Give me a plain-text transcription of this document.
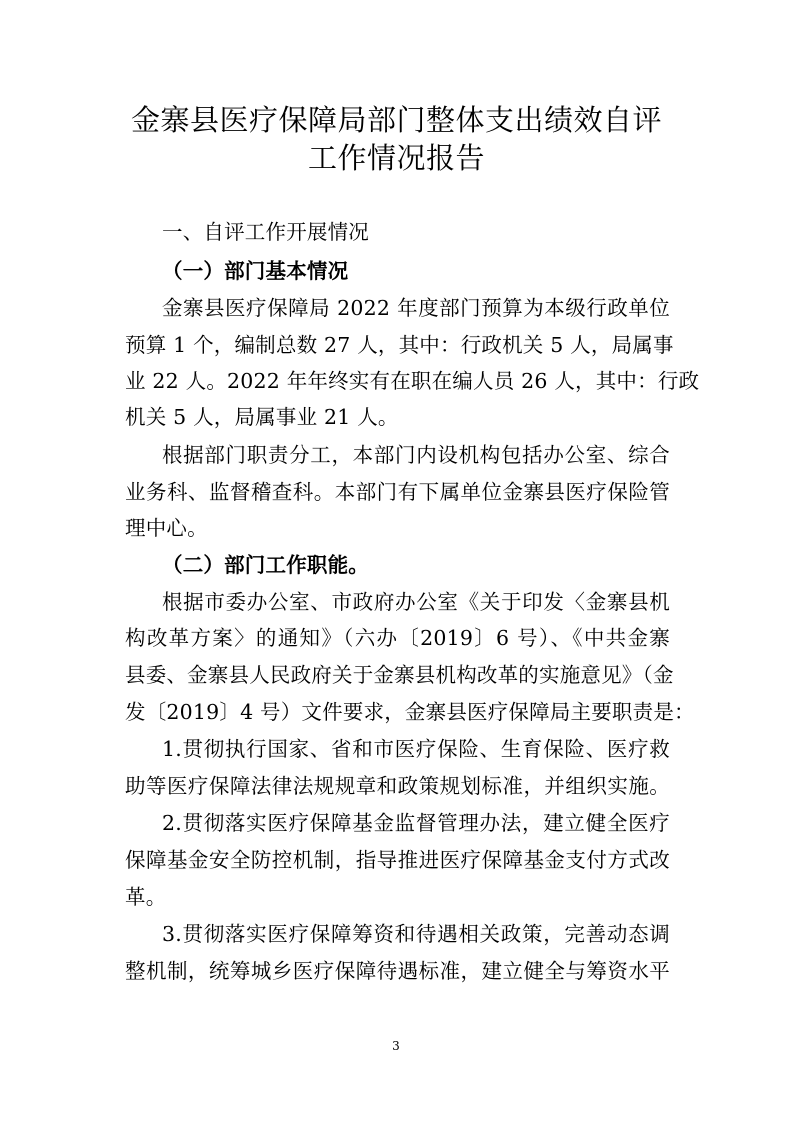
金寨县医疗保障局部门整体支出绩效自评
工作情况报告
一、自评工作开展情况
（一）部门基本情况
金寨县医疗保障局 2022 年度部门预算为本级行政单位
预算 1 个，编制总数 27 人，其中：行政机关 5 人，局属事
业 22 人。2022 年年终实有在职在编人员 26 人，其中：行政
机关 5 人，局属事业 21 人。
根据部门职责分工，本部门内设机构包括办公室、综合
业务科、监督稽查科。本部门有下属单位金寨县医疗保险管
理中心。
（二）部门工作职能。
根据市委办公室、市政府办公室《关于印发〈金寨县机
构改革方案〉的通知》（六办〔2019〕6 号）、《中共金寨
县委、金寨县人民政府关于金寨县机构改革的实施意见》（金
发〔2019〕4 号）文件要求，金寨县医疗保障局主要职责是：
1.贯彻执行国家、省和市医疗保险、生育保险、医疗救
助等医疗保障法律法规规章和政策规划标准，并组织实施。
2.贯彻落实医疗保障基金监督管理办法，建立健全医疗
保障基金安全防控机制，指导推进医疗保障基金支付方式改
革。
3.贯彻落实医疗保障筹资和待遇相关政策，完善动态调
整机制，统筹城乡医疗保障待遇标准，建立健全与筹资水平
3
